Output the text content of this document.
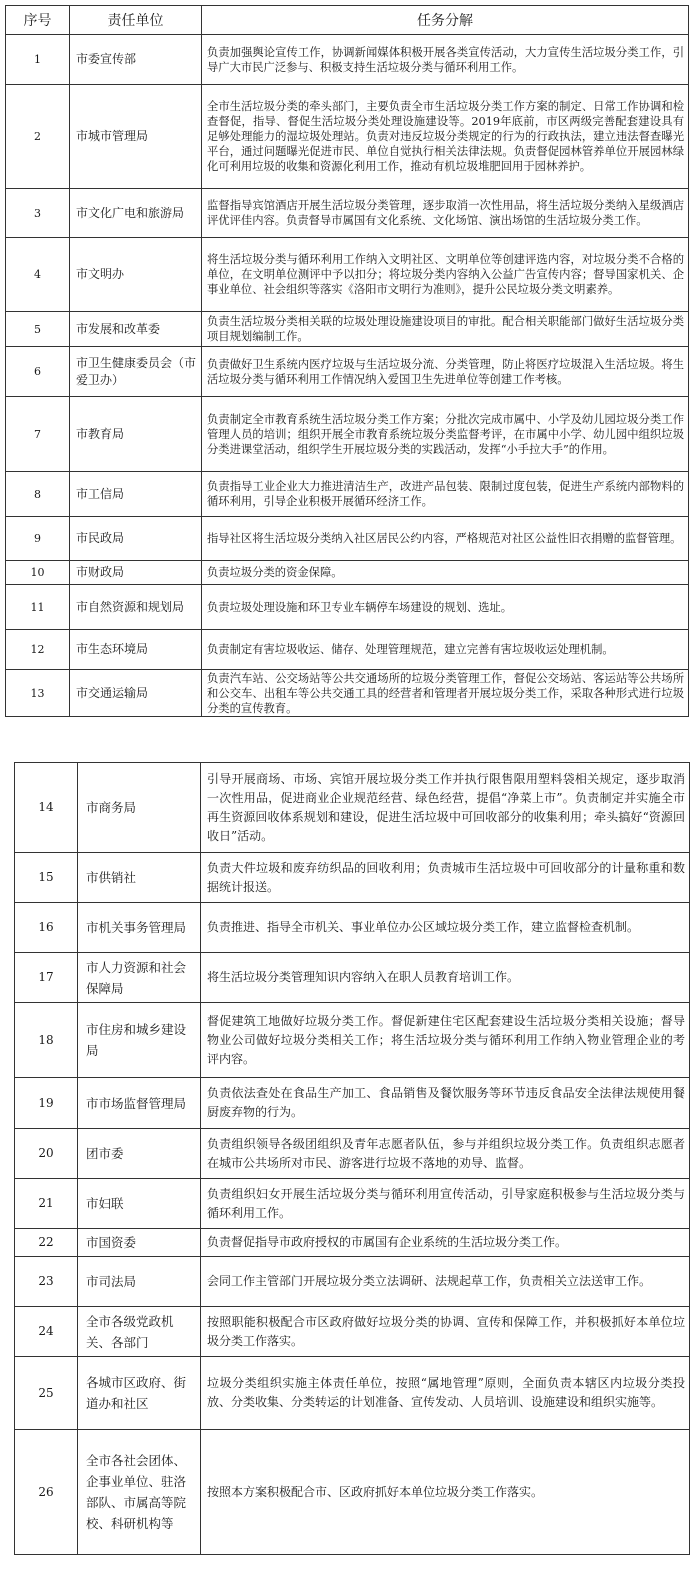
序号	责任单位	任务分解
1	市委宣传部	负责加强舆论宣传工作，协调新闻媒体积极开展各类宣传活动，大力宣传生活垃圾分类工作，引导广大市民广泛参与、积极支持生活垃圾分类与循环利用工作。
2	市城市管理局	全市生活垃圾分类的牵头部门，主要负责全市生活垃圾分类工作方案的制定、日常工作协调和检查督促，指导、督促生活垃圾分类处理设施建设等。2019年底前，市区两级完善配套建设具有足够处理能力的湿垃圾处理站。负责对违反垃圾分类规定的行为的行政执法，建立违法督查曝光平台，通过问题曝光促进市民、单位自觉执行相关法律法规。负责督促园林管养单位开展园林绿化可利用垃圾的收集和资源化利用工作，推动有机垃圾堆肥回用于园林养护。
3	市文化广电和旅游局	监督指导宾馆酒店开展生活垃圾分类管理，逐步取消一次性用品，将生活垃圾分类纳入星级酒店评优评佳内容。负责督导市属国有文化系统、文化场馆、演出场馆的生活垃圾分类工作。
4	市文明办	将生活垃圾分类与循环利用工作纳入文明社区、文明单位等创建评选内容，对垃圾分类不合格的单位，在文明单位测评中予以扣分；将垃圾分类内容纳入公益广告宣传内容；督导国家机关、企事业单位、社会组织等落实《洛阳市文明行为准则》，提升公民垃圾分类文明素养。
5	市发展和改革委	负责生活垃圾分类相关联的垃圾处理设施建设项目的审批。配合相关职能部门做好生活垃圾分类项目规划编制工作。
6	市卫生健康委员会（市爱卫办）	负责做好卫生系统内医疗垃圾与生活垃圾分流、分类管理，防止将医疗垃圾混入生活垃圾。将生活垃圾分类与循环利用工作情况纳入爱国卫生先进单位等创建工作考核。
7	市教育局	负责制定全市教育系统生活垃圾分类工作方案；分批次完成市属中、小学及幼儿园垃圾分类工作管理人员的培训；组织开展全市教育系统垃圾分类监督考评，在市属中小学、幼儿园中组织垃圾分类进课堂活动，组织学生开展垃圾分类的实践活动，发挥“小手拉大手”的作用。
8	市工信局	负责指导工业企业大力推进清洁生产，改进产品包装、限制过度包装，促进生产系统内部物料的循环利用，引导企业积极开展循环经济工作。
9	市民政局	指导社区将生活垃圾分类纳入社区居民公约内容，严格规范对社区公益性旧衣捐赠的监督管理。
10	市财政局	负责垃圾分类的资金保障。
11	市自然资源和规划局	负责垃圾处理设施和环卫专业车辆停车场建设的规划、选址。
12	市生态环境局	负责制定有害垃圾收运、储存、处理管理规范，建立完善有害垃圾收运处理机制。
13	市交通运输局	负责汽车站、公交场站等公共交通场所的垃圾分类管理工作，督促公交场站、客运站等公共场所和公交车、出租车等公共交通工具的经营者和管理者开展垃圾分类工作，采取各种形式进行垃圾分类的宣传教育。
14	市商务局	引导开展商场、市场、宾馆开展垃圾分类工作并执行限售限用塑料袋相关规定，逐步取消一次性用品，促进商业企业规范经营、绿色经营，提倡“净菜上市”。负责制定并实施全市再生资源回收体系规划和建设，促进生活垃圾中可回收部分的收集利用；牵头搞好“资源回收日”活动。
15	市供销社	负责大件垃圾和废弃纺织品的回收利用；负责城市生活垃圾中可回收部分的计量称重和数据统计报送。
16	市机关事务管理局	负责推进、指导全市机关、事业单位办公区域垃圾分类工作，建立监督检查机制。
17	市人力资源和社会保障局	将生活垃圾分类管理知识内容纳入在职人员教育培训工作。
18	市住房和城乡建设局	督促建筑工地做好垃圾分类工作。督促新建住宅区配套建设生活垃圾分类相关设施；督导物业公司做好垃圾分类相关工作；将生活垃圾分类与循环利用工作纳入物业管理企业的考评内容。
19	市市场监督管理局	负责依法查处在食品生产加工、食品销售及餐饮服务等环节违反食品安全法律法规使用餐厨废弃物的行为。
20	团市委	负责组织领导各级团组织及青年志愿者队伍，参与并组织垃圾分类工作。负责组织志愿者在城市公共场所对市民、游客进行垃圾不落地的劝导、监督。
21	市妇联	负责组织妇女开展生活垃圾分类与循环利用宣传活动，引导家庭积极参与生活垃圾分类与循环利用工作。
22	市国资委	负责督促指导市政府授权的市属国有企业系统的生活垃圾分类工作。
23	市司法局	会同工作主管部门开展垃圾分类立法调研、法规起草工作，负责相关立法送审工作。
24	全市各级党政机关、各部门	按照职能积极配合市区政府做好垃圾分类的协调、宣传和保障工作，并积极抓好本单位垃圾分类工作落实。
25	各城市区政府、街道办和社区	垃圾分类组织实施主体责任单位，按照“属地管理”原则，全面负责本辖区内垃圾分类投放、分类收集、分类转运的计划准备、宣传发动、人员培训、设施建设和组织实施等。
26	全市各社会团体、企事业单位、驻洛部队、市属高等院校、科研机构等	按照本方案积极配合市、区政府抓好本单位垃圾分类工作落实。
